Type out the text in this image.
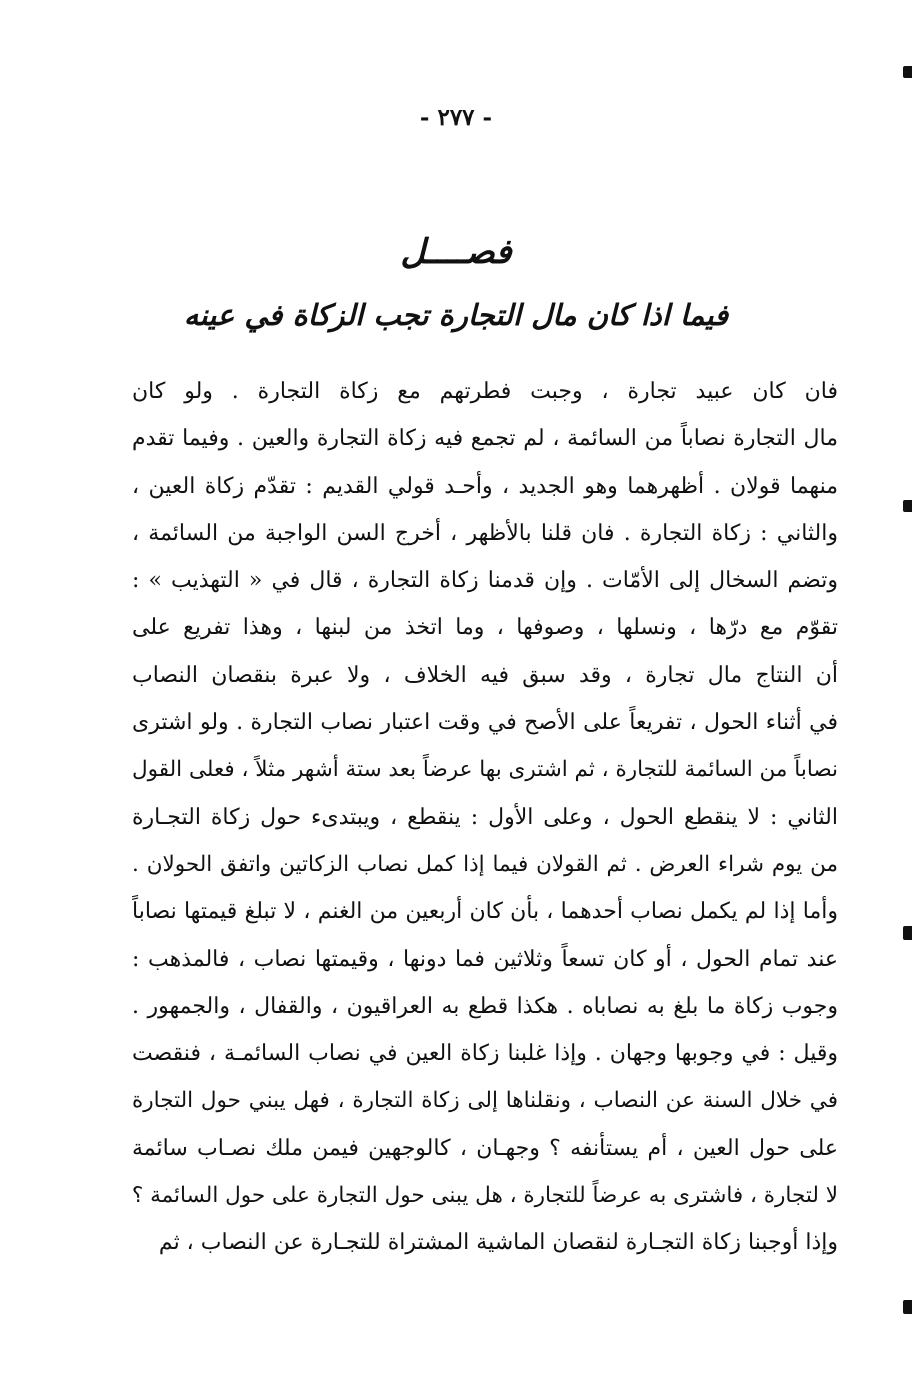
- ٢٧٧ -
فصــــل
فيما اذا كان مال التجارة تجب الزكاة في عينه
فان كان عبيد تجارة ، وجبت فطرتهم مع زكاة التجارة . ولو كان
مال التجارة نصاباً من السائمة ، لم تجمع فيه زكاة التجارة والعين . وفيما تقدم
منهما قولان . أظهرهما وهو الجديد ، وأحـد قولي القديم : تقدّم زكاة العين ،
والثاني : زكاة التجارة . فان قلنا بالأظهر ، أخرج السن الواجبة من السائمة ،
وتضم السخال إلى الأمّات . وإن قدمنا زكاة التجارة ، قال في « التهذيب » :
تقوّم مع درّها ، ونسلها ، وصوفها ، وما اتخذ من لبنها ، وهذا تفريع على
أن النتاج مال تجارة ، وقد سبق فيه الخلاف ، ولا عبرة بنقصان النصاب
في أثناء الحول ، تفريعاً على الأصح في وقت اعتبار نصاب التجارة . ولو اشترى
نصاباً من السائمة للتجارة ، ثم اشترى بها عرضاً بعد ستة أشهر مثلاً ، فعلى القول
الثاني : لا ينقطع الحول ، وعلى الأول : ينقطع ، ويبتدىء حول زكاة التجـارة
من يوم شراء العرض . ثم القولان فيما إذا كمل نصاب الزكاتين واتفق الحولان .
وأما إذا لم يكمل نصاب أحدهما ، بأن كان أربعين من الغنم ، لا تبلغ قيمتها نصاباً
عند تمام الحول ، أو كان تسعاً وثلاثين فما دونها ، وقيمتها نصاب ، فالمذهب :
وجوب زكاة ما بلغ به نصاباه . هكذا قطع به العراقيون ، والقفال ، والجمهور .
وقيل : في وجوبها وجهان . وإذا غلبنا زكاة العين في نصاب السائمـة ، فنقصت
في خلال السنة عن النصاب ، ونقلناها إلى زكاة التجارة ، فهل يبني حول التجارة
على حول العين ، أم يستأنفه ؟ وجهـان ، كالوجهين فيمن ملك نصـاب سائمة
لا لتجارة ، فاشترى به عرضاً للتجارة ، هل يبنى حول التجارة على حول السائمة ؟
وإذا أوجبنا زكاة التجـارة لنقصان الماشية المشتراة للتجـارة عن النصاب ، ثم
